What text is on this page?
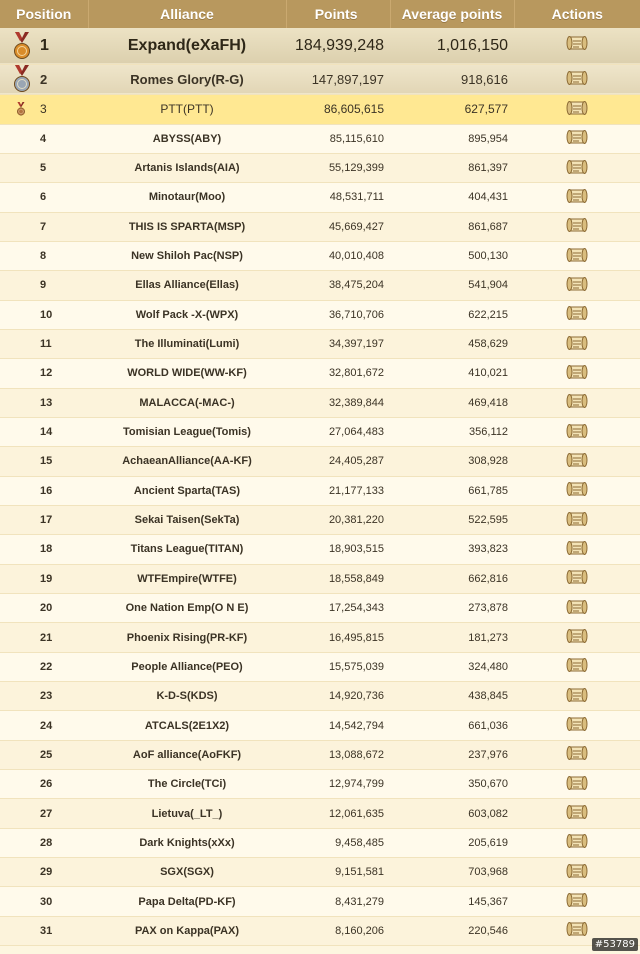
Position	Alliance	Points	Average points	Actions

1	Expand(eXaFH)	184,939,248	1,016,150	

2	Romes Glory(R-G)	147,897,197	918,616	

3	PTT(PTT)	86,605,615	627,577	
4	ABYSS(ABY)	85,115,610	895,954	
5	Artanis Islands(AIA)	55,129,399	861,397	
6	Minotaur(Moo)	48,531,711	404,431	
7	THIS IS SPARTA(MSP)	45,669,427	861,687	
8	New Shiloh Pac(NSP)	40,010,408	500,130	
9	Ellas Alliance(Ellas)	38,475,204	541,904	
10	Wolf Pack -X-(WPX)	36,710,706	622,215	
11	The Illuminati(Lumi)	34,397,197	458,629	
12	WORLD WIDE(WW-KF)	32,801,672	410,021	
13	MALACCA(-MAC-)	32,389,844	469,418	
14	Tomisian League(Tomis)	27,064,483	356,112	
15	AchaeanAlliance(AA-KF)	24,405,287	308,928	
16	Ancient Sparta(TAS)	21,177,133	661,785	
17	Sekai Taisen(SekTa)	20,381,220	522,595	
18	Titans League(TITAN)	18,903,515	393,823	
19	WTFEmpire(WTFE)	18,558,849	662,816	
20	One Nation Emp(O N E)	17,254,343	273,878	
21	Phoenix Rising(PR-KF)	16,495,815	181,273	
22	People Alliance(PEO)	15,575,039	324,480	
23	K-D-S(KDS)	14,920,736	438,845	
24	ATCALS(2E1X2)	14,542,794	661,036	
25	AoF alliance(AoFKF)	13,088,672	237,976	
26	The Circle(TCi)	12,974,799	350,670	
27	Lietuva(_LT_)	12,061,635	603,082	
28	Dark Knights(xXx)	9,458,485	205,619	
29	SGX(SGX)	9,151,581	703,968	
30	Papa Delta(PD-KF)	8,431,279	145,367	
31	PAX on Kappa(PAX)	8,160,206	220,546	
#53789
